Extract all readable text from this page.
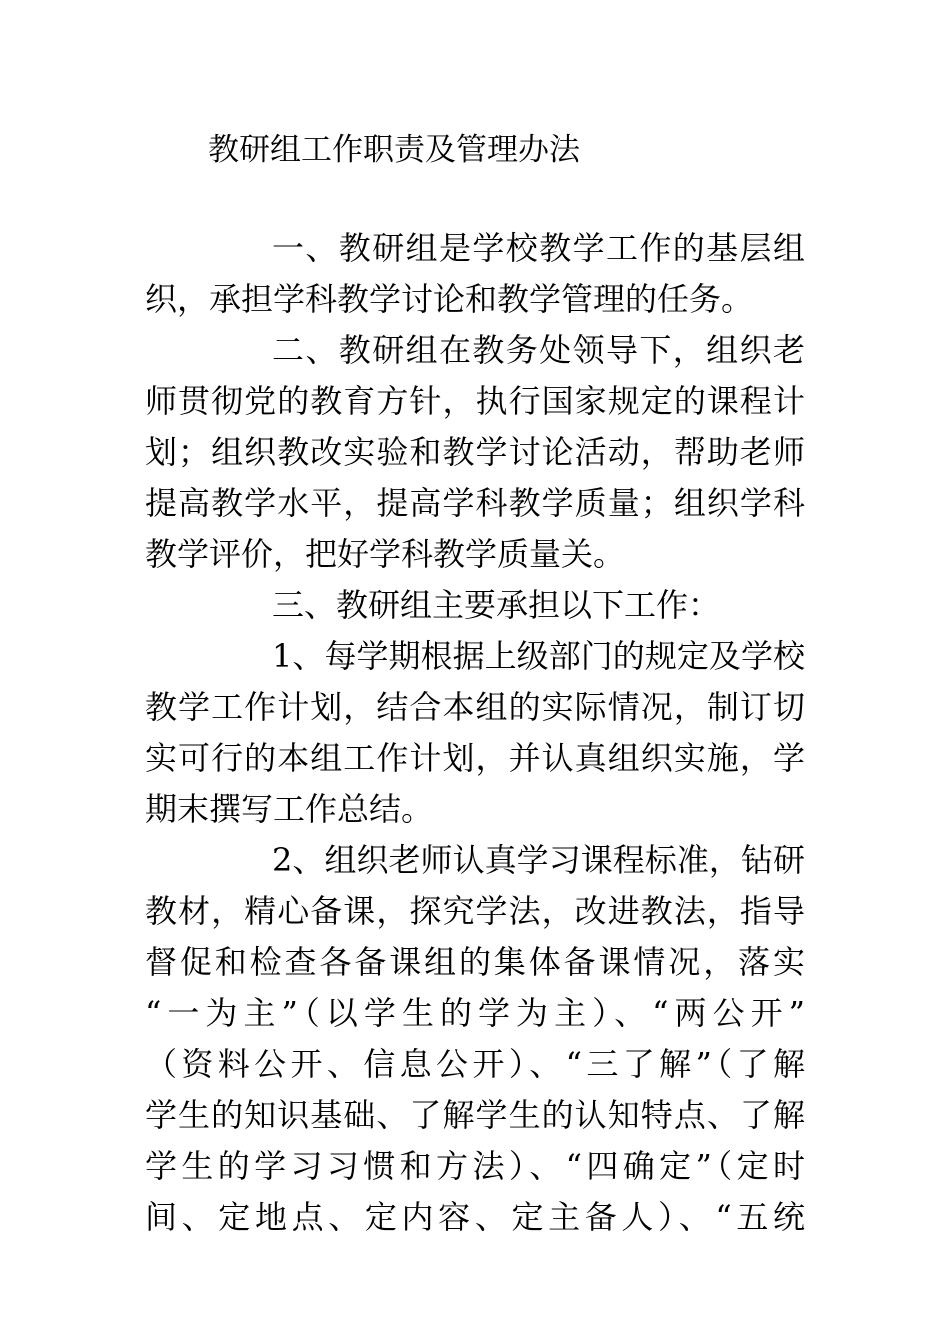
教研组工作职责及管理办法
一、教研组是学校教学工作的基层组
织，承担学科教学讨论和教学管理的任务。
二、教研组在教务处领导下，组织老
师贯彻党的教育方针，执行国家规定的课程计
划；组织教改实验和教学讨论活动，帮助老师
提高教学水平，提高学科教学质量；组织学科
教学评价，把好学科教学质量关。
三、教研组主要承担以下工作：
1、每学期根据上级部门的规定及学校
教学工作计划，结合本组的实际情况，制订切
实可行的本组工作计划，并认真组织实施，学
期末撰写工作总结。
2、组织老师认真学习课程标准，钻研
教材，精心备课，探究学法，改进教法，指导
督促和检查各备课组的集体备课情况，落实
“一为主”（以学生的学为主）、“两公开”
（资料公开、信息公开）、“三了解”（了解
学生的知识基础、了解学生的认知特点、了解
学生的学习习惯和方法）、“四确定”（定时
间、定地点、定内容、定主备人）、“五统
